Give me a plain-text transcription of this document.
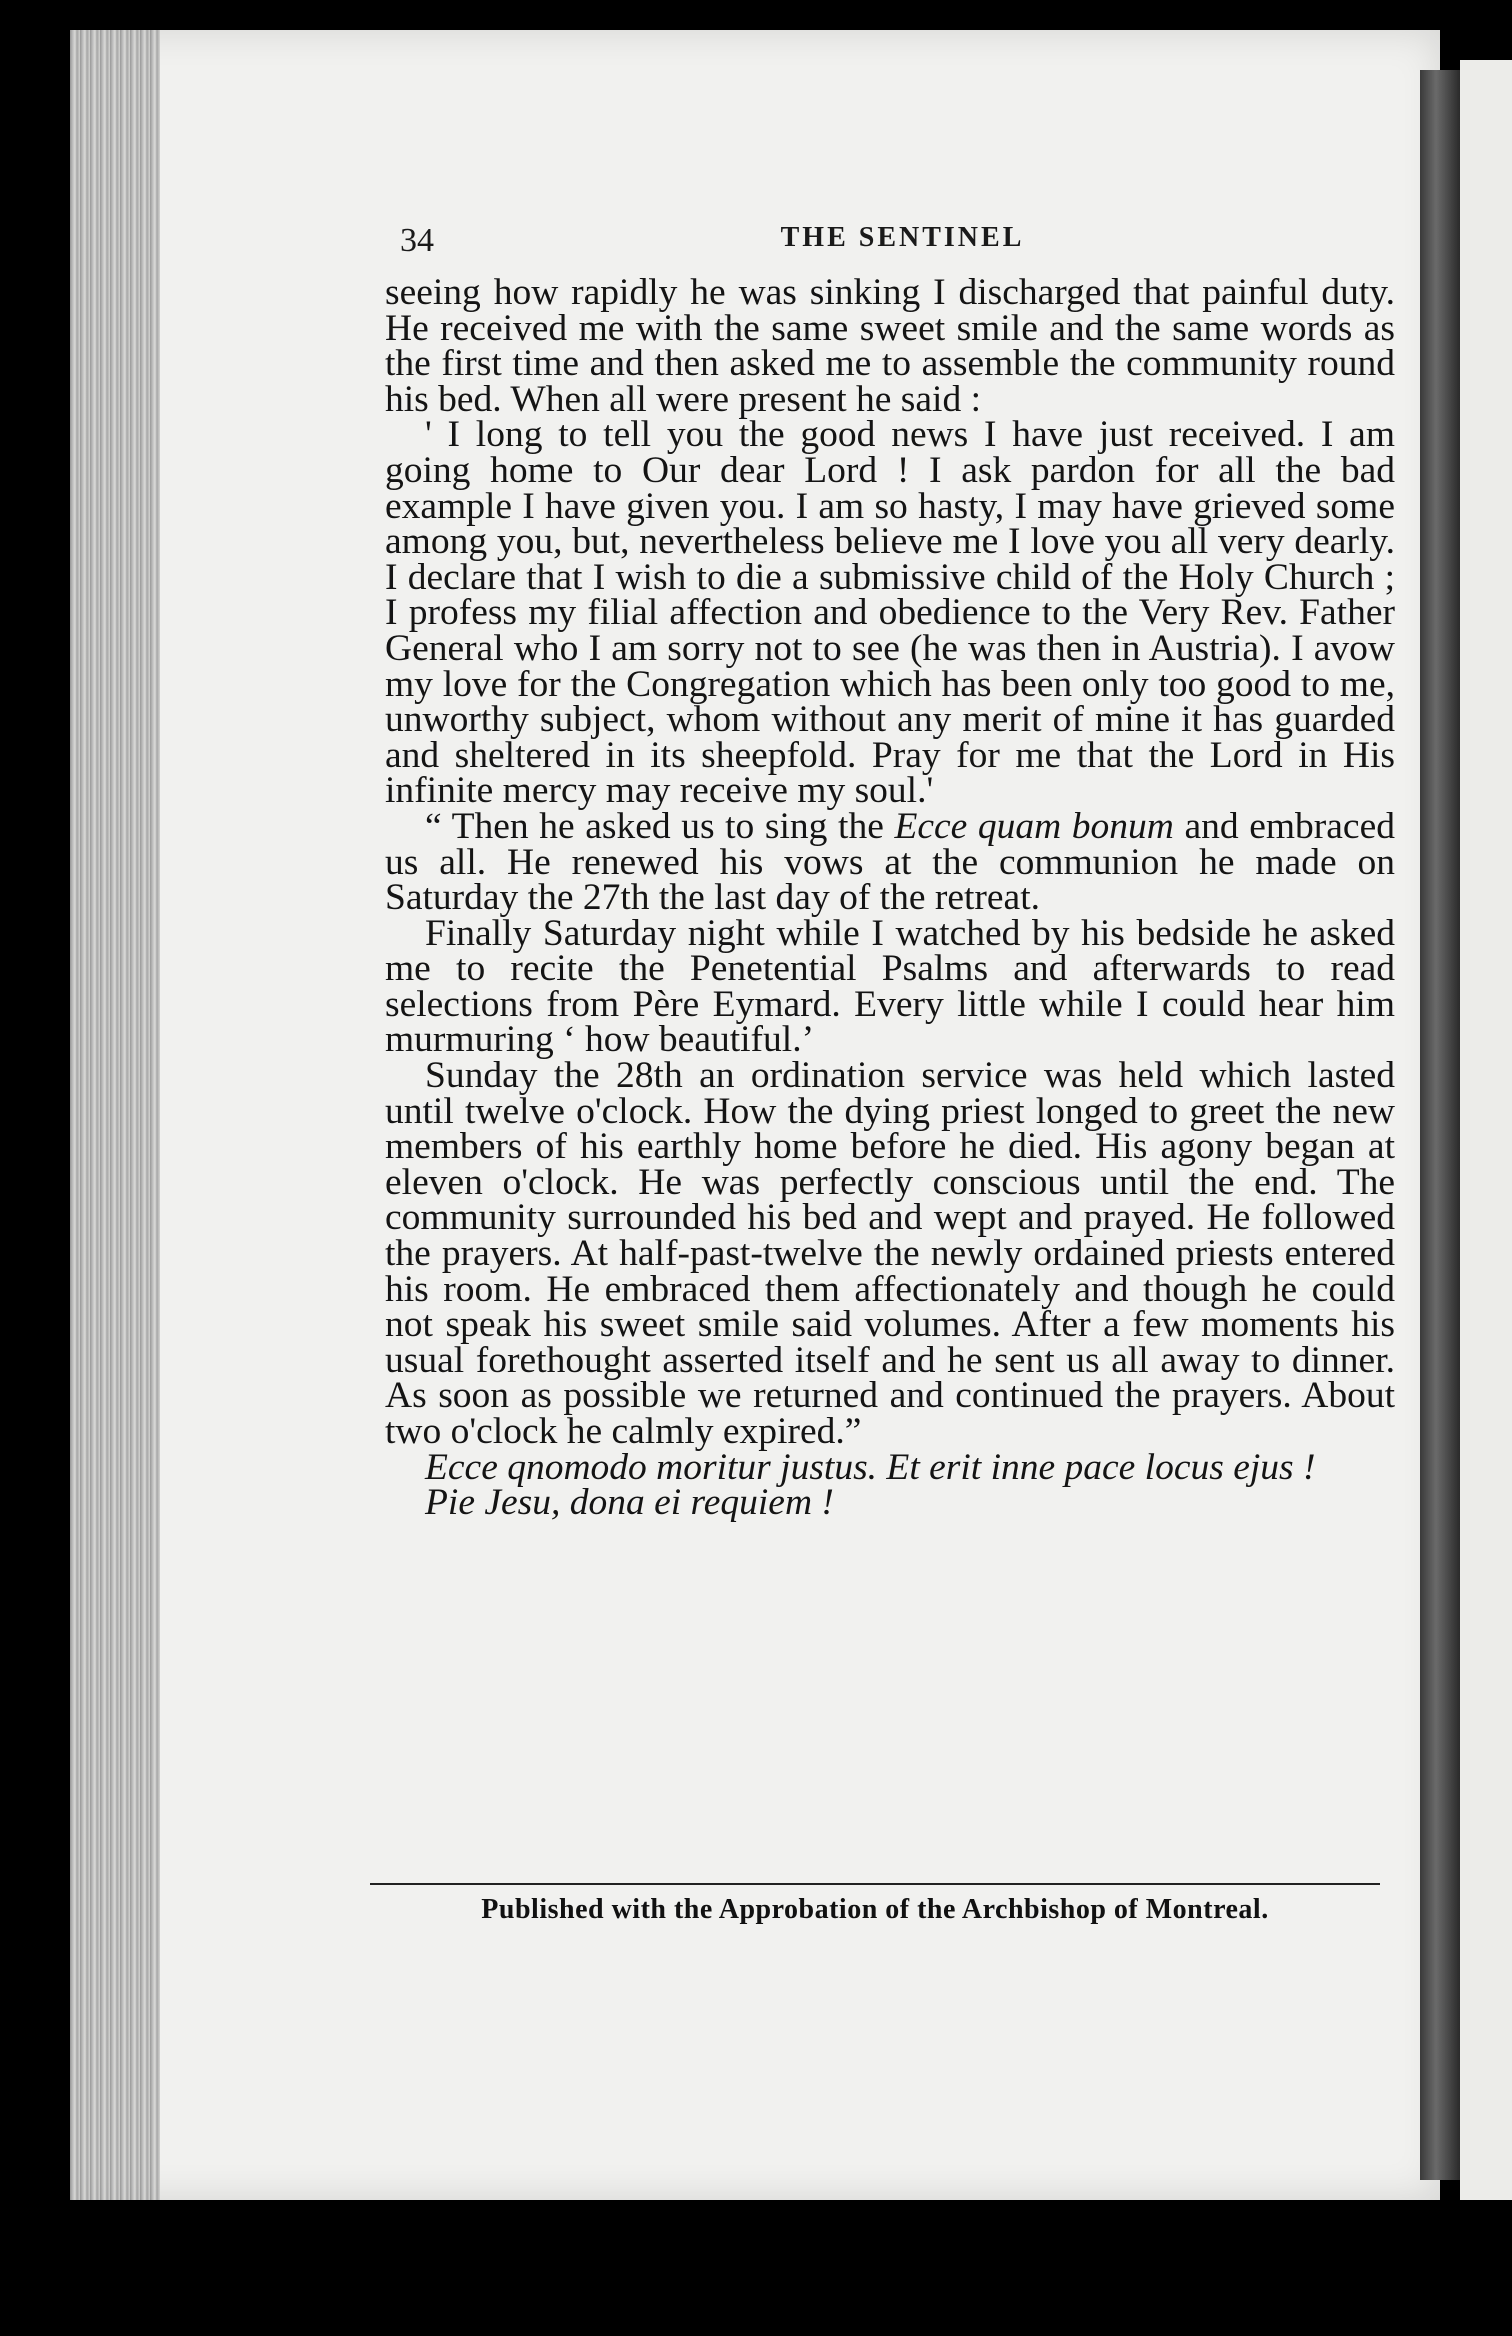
34	THE SENTINEL

seeing how rapidly he was sinking I discharged that painful duty. He received me with the same sweet smile and the same words as the first time and then asked me to assemble the community round his bed. When all were present he said :

' I long to tell you the good news I have just received. I am going home to Our dear Lord ! I ask pardon for all the bad example I have given you. I am so hasty, I may have grieved some among you, but, nevertheless believe me I love you all very dearly. I declare that I wish to die a submissive child of the Holy Church ; I profess my filial affection and obedience to the Very Rev. Father General who I am sorry not to see (he was then in Austria). I avow my love for the Congregation which has been only too good to me, unworthy subject, whom without any merit of mine it has guarded and sheltered in its sheepfold. Pray for me that the Lord in His infinite mercy may receive my soul.'

“ Then he asked us to sing the Ecce quam bonum and embraced us all. He renewed his vows at the communion he made on Saturday the 27th the last day of the retreat.

Finally Saturday night while I watched by his bedside he asked me to recite the Penetential Psalms and afterwards to read selections from Père Eymard. Every little while I could hear him murmuring ‘ how beautiful.’

Sunday the 28th an ordination service was held which lasted until twelve o'clock. How the dying priest longed to greet the new members of his earthly home before he died. His agony began at eleven o'clock. He was perfectly conscious until the end. The community surrounded his bed and wept and prayed. He followed the prayers. At half-past-twelve the newly ordained priests entered his room. He embraced them affectionately and though he could not speak his sweet smile said volumes. After a few moments his usual forethought asserted itself and he sent us all away to dinner. As soon as possible we returned and continued the prayers. About two o'clock he calmly expired.”

Ecce qnomodo moritur justus. Et erit inne pace locus ejus !

Pie Jesu, dona ei requiem !

Published with the Approbation of the Archbishop of Montreal.
